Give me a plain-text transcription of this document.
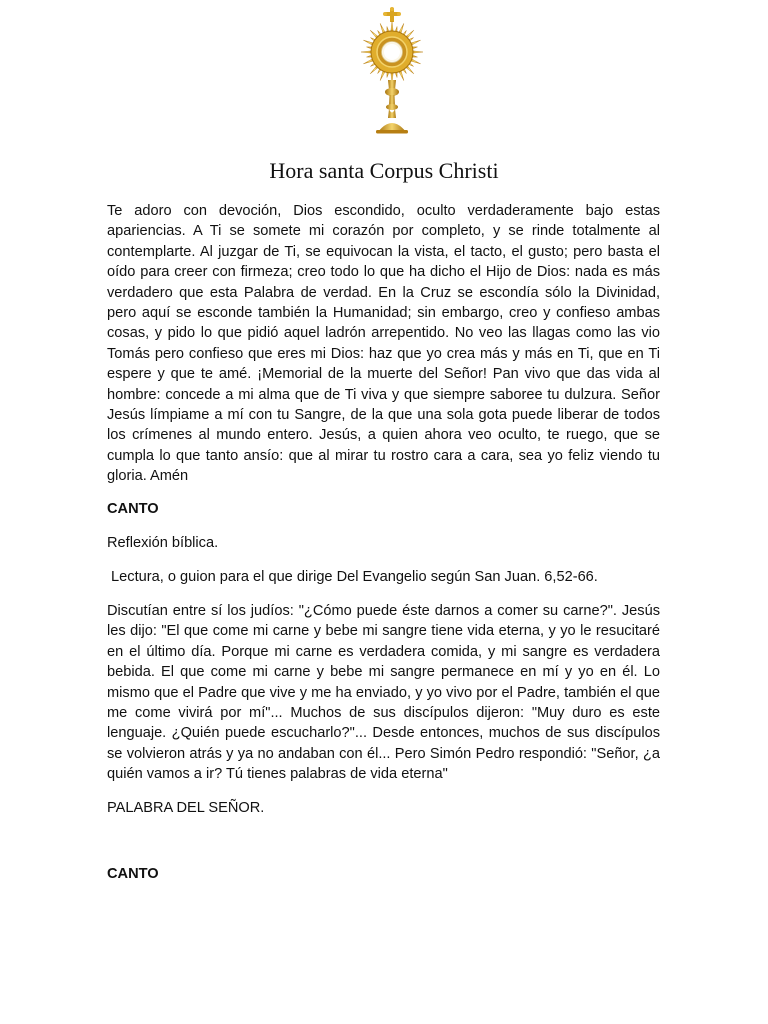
Hora santa Corpus Christi

Te adoro con devoción, Dios escondido, oculto verdaderamente bajo estas apariencias. A Ti se somete mi corazón por completo, y se rinde totalmente al contemplarte. Al juzgar de Ti, se equivocan la vista, el tacto, el gusto; pero basta el oído para creer con firmeza; creo todo lo que ha dicho el Hijo de Dios: nada es más verdadero que esta Palabra de verdad. En la Cruz se escondía sólo la Divinidad, pero aquí se esconde también la Humanidad; sin embargo, creo y confieso ambas cosas, y pido lo que pidió aquel ladrón arrepentido. No veo las llagas como las vio Tomás pero confieso que eres mi Dios: haz que yo crea más y más en Ti, que en Ti espere y que te amé. ¡Memorial de la muerte del Señor! Pan vivo que das vida al hombre: concede a mi alma que de Ti viva y que siempre saboree tu dulzura. Señor Jesús límpiame a mí con tu Sangre, de la que una sola gota puede liberar de todos los crímenes al mundo entero. Jesús, a quien ahora veo oculto, te ruego, que se cumpla lo que tanto ansío: que al mirar tu rostro cara a cara, sea yo feliz viendo tu gloria. Amén

CANTO

Reflexión bíblica.

Lectura, o guion para el que dirige Del Evangelio según San Juan. 6,52-66.

Discutían entre sí los judíos: "¿Cómo puede éste darnos a comer su carne?". Jesús les dijo: "El que come mi carne y bebe mi sangre tiene vida eterna, y yo le resucitaré en el último día. Porque mi carne es verdadera comida, y mi sangre es verdadera bebida. El que come mi carne y bebe mi sangre permanece en mí y yo en él. Lo mismo que el Padre que vive y me ha enviado, y yo vivo por el Padre, también el que me come vivirá por mí"... Muchos de sus discípulos dijeron: "Muy duro es este lenguaje. ¿Quién puede escucharlo?"... Desde entonces, muchos de sus discípulos se volvieron atrás y ya no andaban con él... Pero Simón Pedro respondió: "Señor, ¿a quién vamos a ir? Tú tienes palabras de vida eterna"

PALABRA DEL SEÑOR.

CANTO
